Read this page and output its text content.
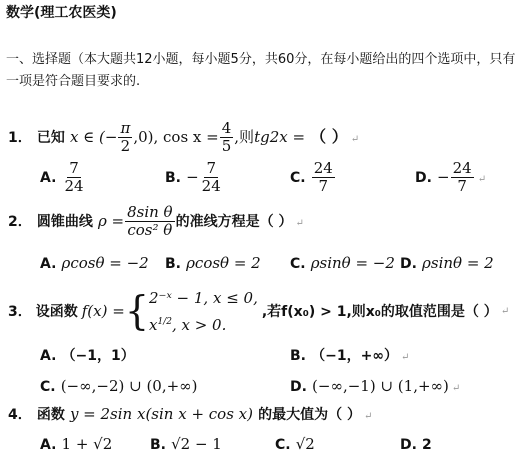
数学(理工农医类)
一、选择题（本大题共12小题，每小题5分，共60分，在每小题给出的四个选项中，只有
一项是符合题目要求的.
1． 已知 x ∈ (− $\frac{\pi}{2} ,0$), $\cos x = \frac{4}{5}$ ,则tg2x = （ ） ↵
A. $\frac{7}{24}$	B. − $\frac{7}{24}$	C. $\frac{24}{7}$	D. − $\frac{24}{7}$ ↵
2． 圆锥曲线 $\rho = \frac{\text{8sin θ}}{\text{cos² θ}}$ 的准线方程是（ ） ↵
A. ρcosθ = −2 B. ρcosθ = 2 C. ρsinθ = −2 D. ρsinθ = 2
3． 设函数 f(x) = { 2⁻ˣ − 1, x ≤ 0,
$x^{1/2}$, x > 0.
,若f(x₀) > 1,则x₀的取值范围是（ ） ↵
A. （−1，1）	B. （−1，+∞） ↵
C. (−∞,−2) ∪ (0,+∞)	D. (−∞,−1) ∪ (1,+∞) ↵
4． 函数 y = 2sin x(sin x + cos x) 的最大值为（ ） ↵
A. 1 + √2	B. √2 − 1	C. √2	D. 2
